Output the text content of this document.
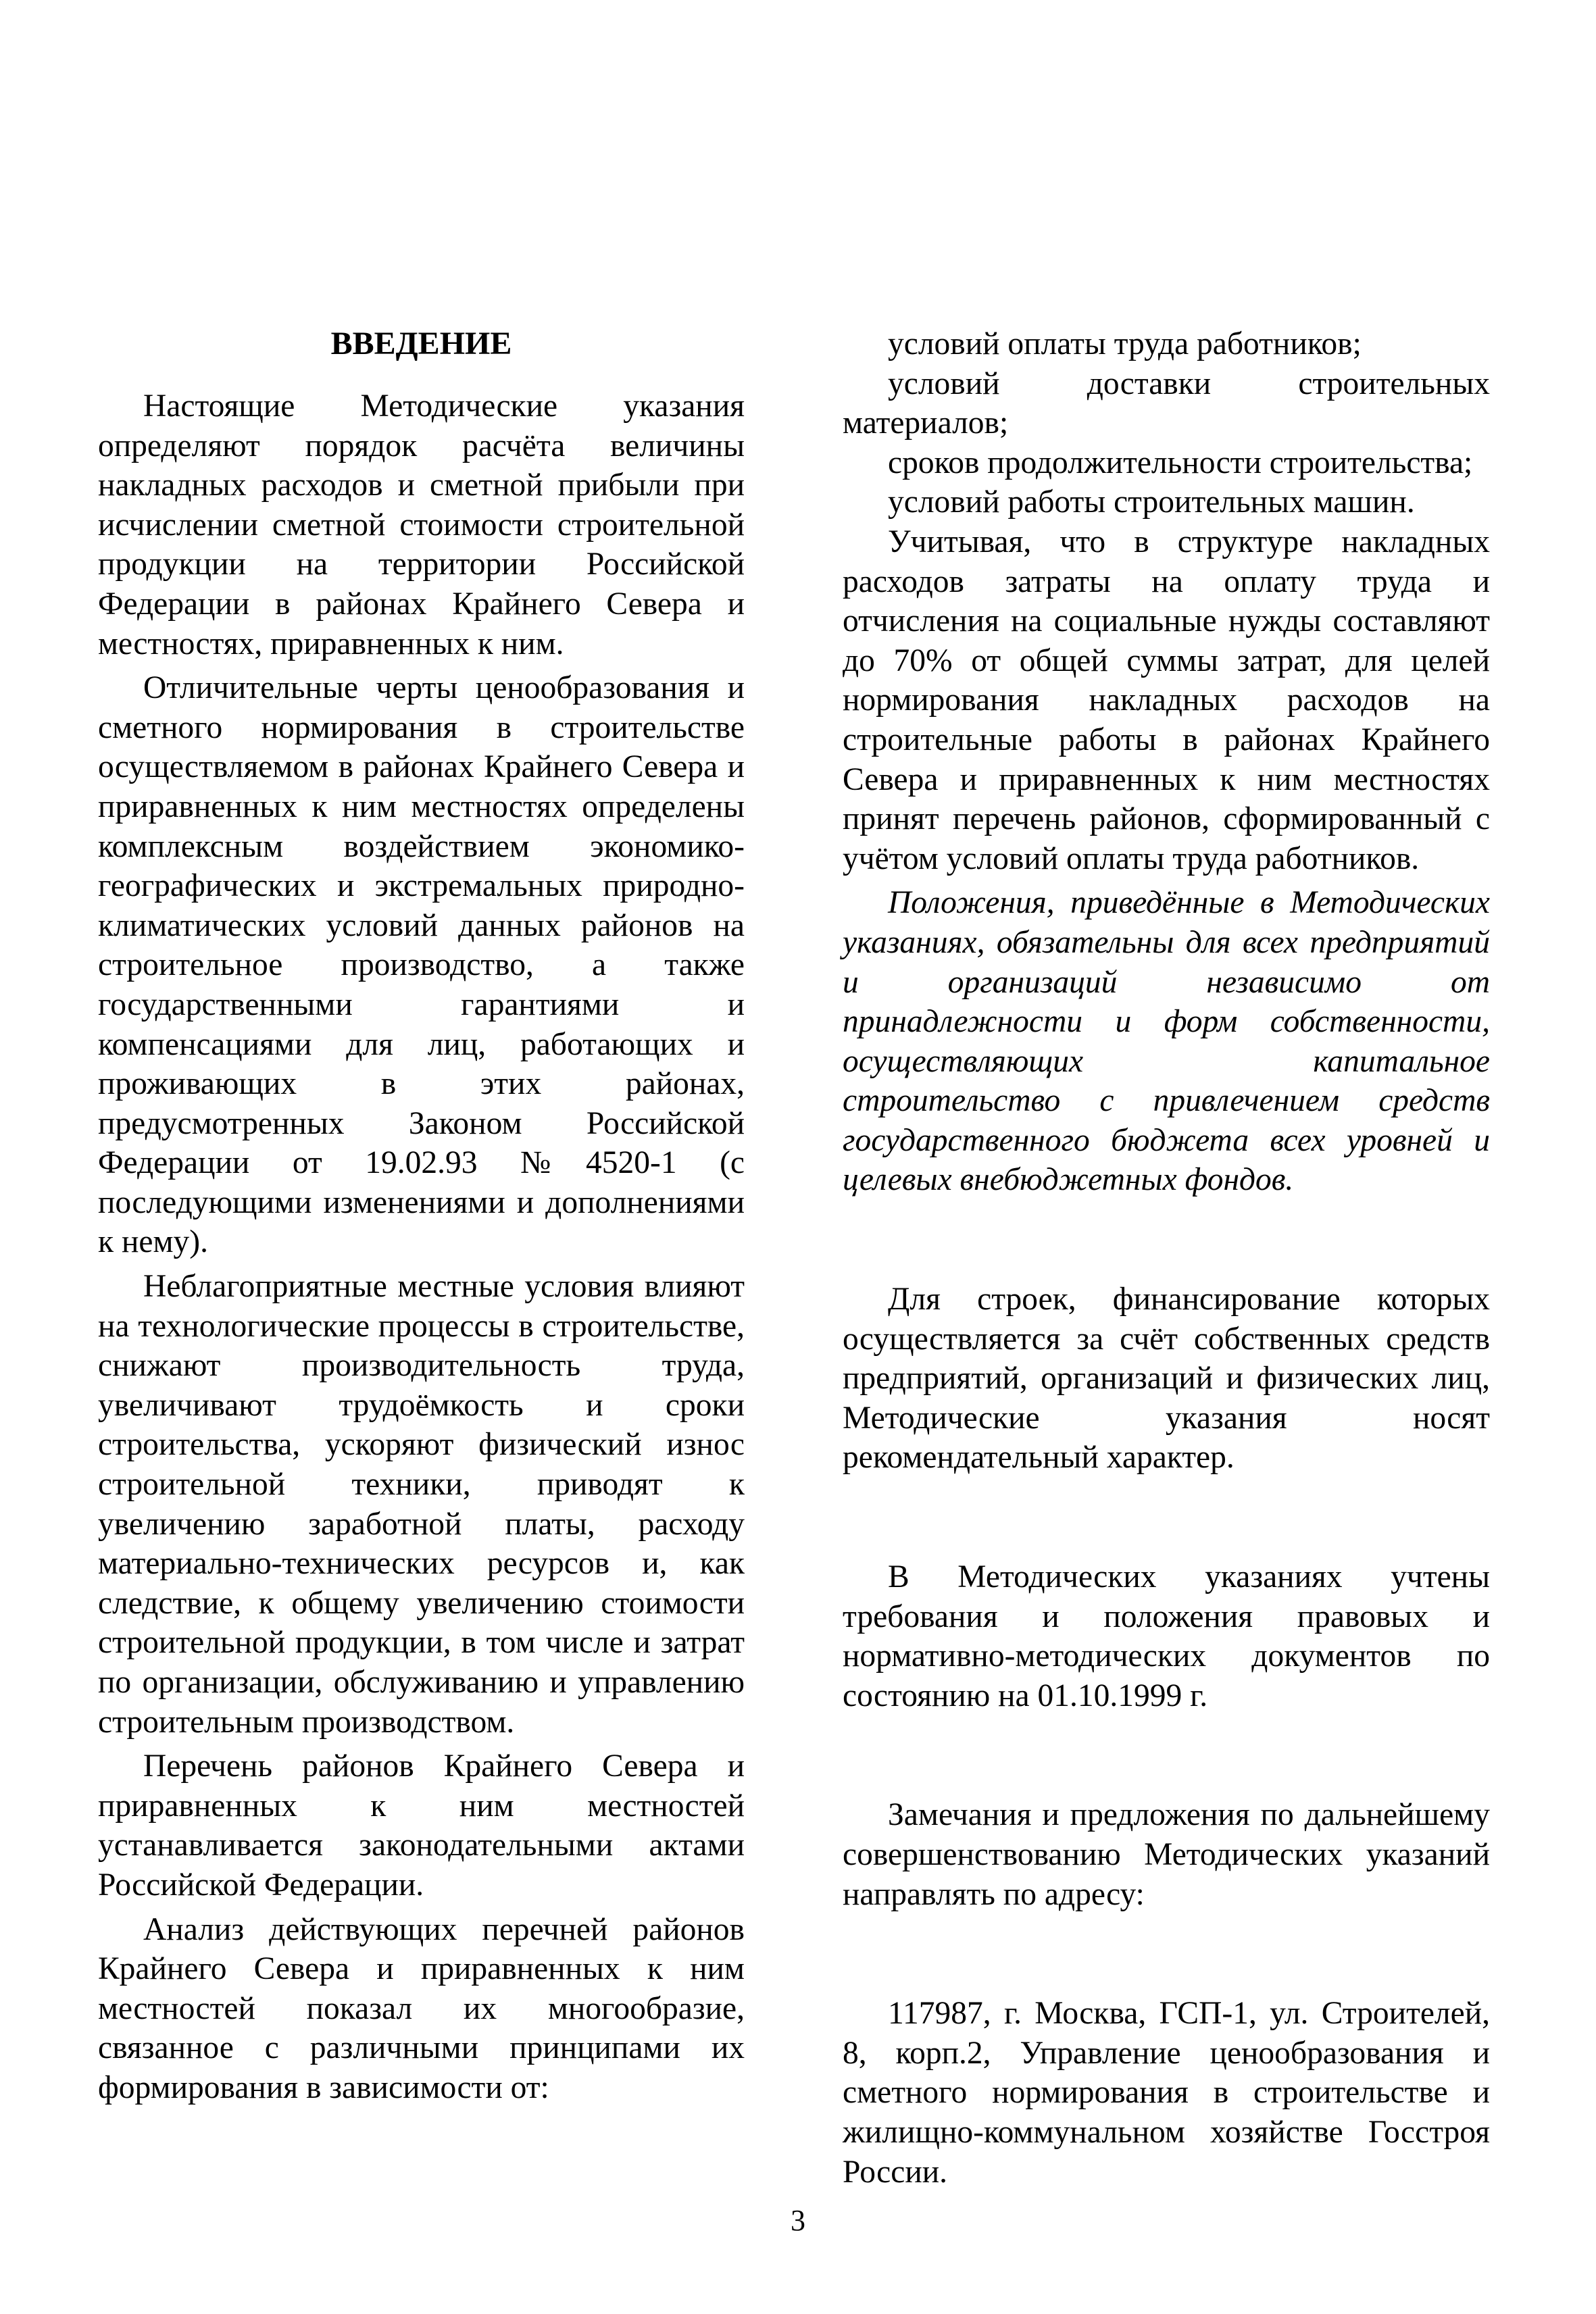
ВВЕДЕНИЕ

Настоящие Методические указания определяют порядок расчёта величины накладных расходов и сметной прибыли при исчислении сметной стоимости строительной продукции на территории Российской Федерации в районах Крайнего Севера и местностях, приравненных к ним.

Отличительные черты ценообразования и сметного нормирования в строительстве осуществляемом в районах Крайнего Севера и приравненных к ним местностях определены комплексным воздействием экономико-географических и экстремальных природно-климатических условий данных районов на строительное производство, а также государственными гарантиями и компенсациями для лиц, работающих и проживающих в этих районах, предусмотренных Законом Российской Федерации от 19.02.93 №4520-1 (с последующими изменениями и дополнениями к нему).

Неблагоприятные местные условия влияют на технологические процессы в строительстве, снижают производительность труда, увеличивают трудоёмкость и сроки строительства, ускоряют физический износ строительной техники, приводят к увеличению заработной платы, расходу материально-технических ресурсов и, как следствие, к общему увеличению стоимости строительной продукции, в том числе и затрат по организации, обслуживанию и управлению строительным производством.

Перечень районов Крайнего Севера и приравненных к ним местностей устанавливается законодательными актами Российской Федерации.

Анализ действующих перечней районов Крайнего Севера и приравненных к ним местностей показал их многообразие, связанное с различными принципами их формирования в зависимости от:

условий оплаты труда работников;

условий доставки строительных материалов;

сроков продолжительности строительства;

условий работы строительных машин.

Учитывая, что в структуре накладных расходов затраты на оплату труда и отчисления на социальные нужды составляют до 70% от общей суммы затрат, для целей нормирования накладных расходов на строительные работы в районах Крайнего Севера и приравненных к ним местностях принят перечень районов, сформированный с учётом условий оплаты труда работников.

Положения, приведённые в Методических указаниях, обязательны для всех предприятий и организаций независимо от принадлежности и форм собственности, осуществляющих капитальное строительство с привлечением средств государственного бюджета всех уровней и целевых внебюджетных фондов.

Для строек, финансирование которых осуществляется за счёт собственных средств предприятий, организаций и физических лиц, Методические указания носят рекомендательный характер.

В Методических указаниях учтены требования и положения правовых и нормативно-методических документов по состоянию на 01.10.1999 г.

Замечания и предложения по дальнейшему совершенствованию Методических указаний направлять по адресу:

117987, г. Москва, ГСП-1, ул. Строителей, 8, корп.2, Управление ценообразования и сметного нормирования в строительстве и жилищно-коммунальном хозяйстве Госстроя России.

3
